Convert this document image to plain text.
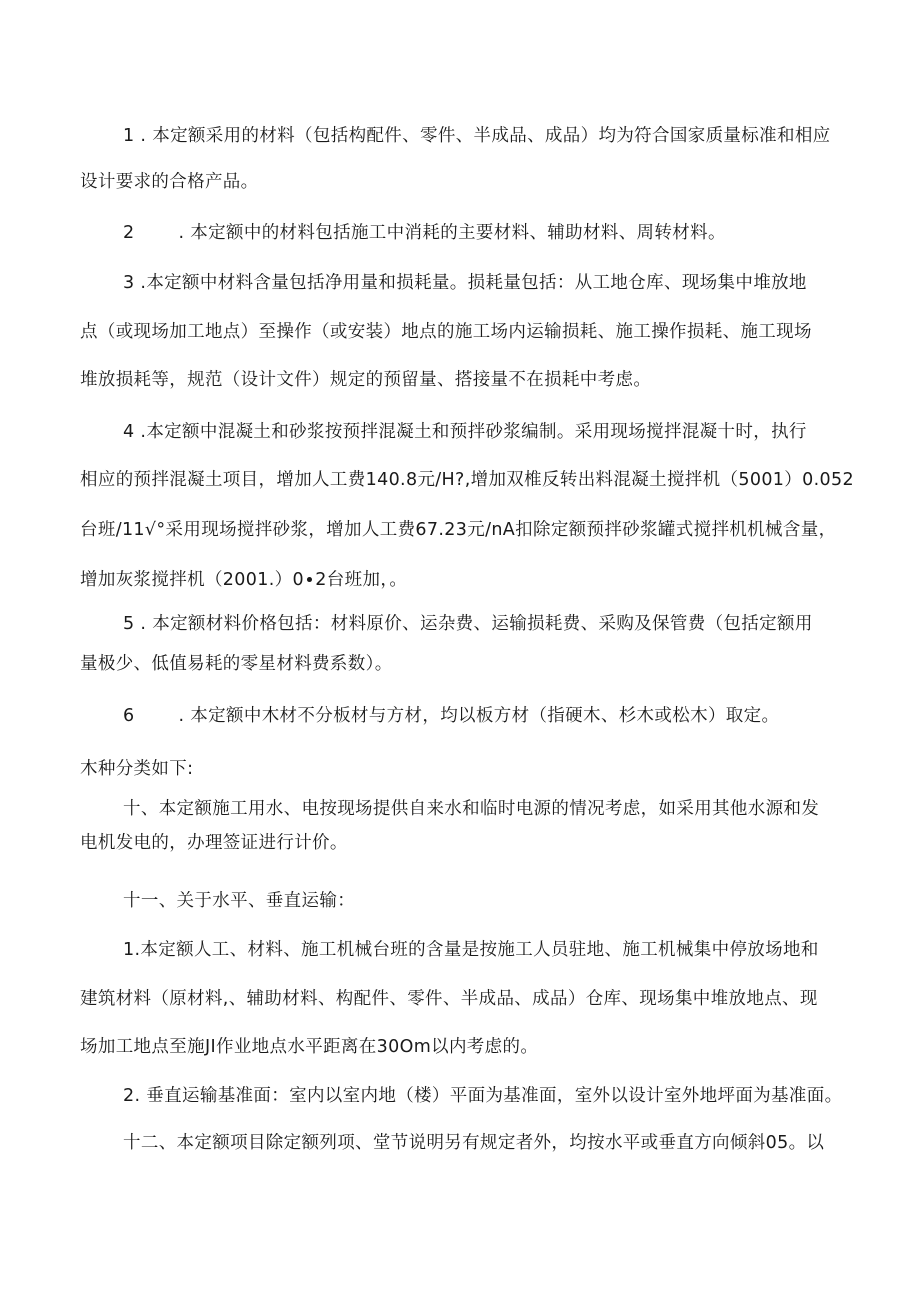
1 . 本定额采用的材料（包括构配件、零件、半成品、成品）均为符合国家质量标准和相应
设计要求的合格产品。
2	. 本定额中的材料包括施工中消耗的主要材料、辅助材料、周转材料。
3 .本定额中材料含量包括净用量和损耗量。损耗量包括：从工地仓库、现场集中堆放地
点（或现场加工地点）至操作（或安装）地点的施工场内运输损耗、施工操作损耗、施工现场
堆放损耗等，规范（设计文件）规定的预留量、搭接量不在损耗中考虑。
4 .本定额中混凝土和砂浆按预拌混凝土和预拌砂浆编制。采用现场搅拌混凝十时，执行
相应的预拌混凝土项目，增加人工费140.8元/H?,增加双椎反转出料混凝土搅拌机（5001）0.052
台班/11√°采用现场搅拌砂浆，增加人工费67.23元/nA扣除定额预拌砂浆罐式搅拌机机械含量，
增加灰浆搅拌机（2001.）0∙2台班加，。
5 . 本定额材料价格包括：材料原价、运杂费、运输损耗费、采购及保管费（包括定额用
量极少、低值易耗的零星材料费系数）。
6	. 本定额中木材不分板材与方材，均以板方材（指硬木、杉木或松木）取定。
木种分类如下:
十、本定额施工用水、电按现场提供自来水和临时电源的情况考虑，如采用其他水源和发
电机发电的，办理签证进行计价。
十一、关于水平、垂直运输：
1.本定额人工、材料、施工机械台班的含量是按施工人员驻地、施工机械集中停放场地和
建筑材料（原材料,、辅助材料、构配件、零件、半成品、成品）仓库、现场集中堆放地点、现
场加工地点至施JI作业地点水平距离在30Om以内考虑的。
2. 垂直运输基准面：室内以室内地（楼）平面为基准面，室外以设计室外地坪面为基准面。
十二、本定额项目除定额列项、堂节说明另有规定者外，均按水平或垂直方向倾斜05。以
